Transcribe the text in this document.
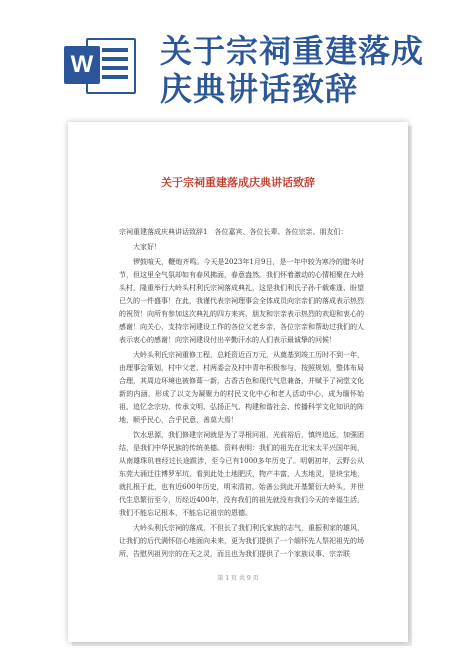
W 关于宗祠重建落成
庆典讲话致辞
关于宗祠重建落成庆典讲话致辞

宗祠重建落成庆典讲话致辞1　各位嘉宾、各位长辈、各位宗亲、朋友们：

大家好！

锣鼓喧天，鞭炮齐鸣。今天是2023年1月9日，是一年中较为寒冷的腊冬时节，但这里全气氛却如有春风拂面，春意盎然。我们怀着激动的心情相聚在大岭头村，隆重举行大岭头村利氏宗祠落成典礼，这是我们利氏子孙千载难逢、盼望已久的一件盛事！在此，我谨代表宗祠理事会全体成员向宗亲们的落成表示热烈的祝贺！向所有参加这次典礼的四方来宾、朋友和宗亲表示热烈的欢迎和衷心的感谢！向关心、支持宗祠建设工作的各位父老乡亲、各位宗亲和帮助过我们的人表示衷心的感谢！向宗祠建设付出辛勤汗水的人们表示最诚挚的问候！

大岭头利氏宗祠重修工程，总耗资近百万元，从奠基到竣工历时不到一年，由理事会策划，村中父老、村两委会及村中青年积极参与，按照规划，整体布局合理，其周边环境也被修葺一新，古香古色和现代气息兼备，并赋予了祠堂文化新的内涵，形成了以文为凝聚力的村民文化中心和老人活动中心，成为缅怀始祖、追忆念宗功、传承文明、弘扬正气、构建和谐社会、传播科学文化知识的阵地，顺乎民心，合乎民意，善莫大焉！

饮水思源，我们修建宗祠就是为了寻根问祖，光前裕后，慎终追远，加强团结，是我们中华民族的传统美德。资料表明：我们的祖先在北宋太平兴国年间，从南雄珠玑巷经过长途跋涉，至今已有1000多年历史了。明朝初年，云野公从东莞大涌迁往博罗军坑，看到此处土地肥沃，物产丰富，人杰地灵，是块宝地，就扎根于此，也有近600年历史，明末清初，始善公到此开基繁衍大岭头，并世代生息繁衍至今，历经近400年，没有我们的祖先就没有我们今天的幸福生活，我们不能忘记根本，不能忘记祖宗的恩德。

大岭头利氏宗祠的落成，不但长了我们利氏家族的志气，重振利家的雄风，让我们的后代满怀信心地面向未来，更为我们提供了一个缅怀先人祭祀祖先的场所，告慰列祖列宗的在天之灵，而且也为我们提供了一个家族议事、宗亲联

第 1 页 共 9 页
